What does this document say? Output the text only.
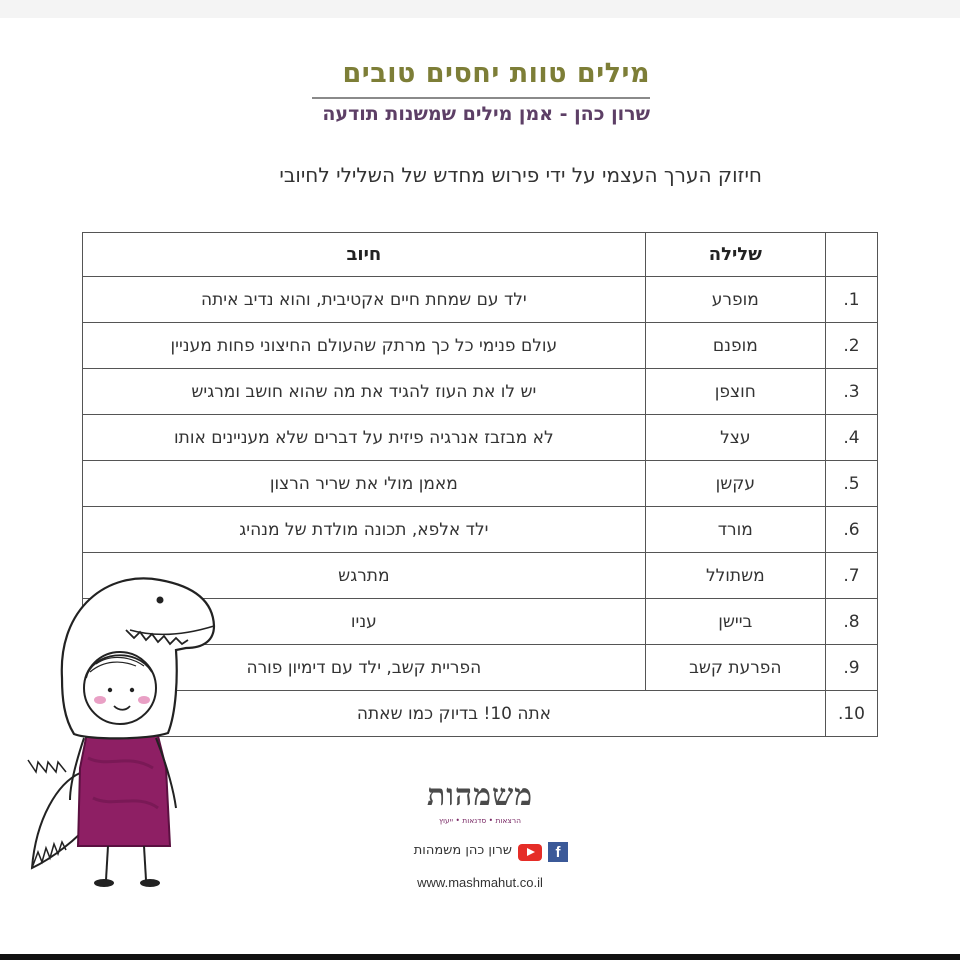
מילים טוות יחסים טובים
שרון כהן - אמן מילים שמשנות תודעה
חיזוק הערך העצמי על ידי פירוש מחדש של השלילי לחיובי
חיוב	שלילה	
ילד עם שמחת חיים אקטיבית, והוא נדיב איתה	מופרע	1.
עולם פנימי כל כך מרתק שהעולם החיצוני פחות מעניין	מופנם	2.
יש לו את העוז להגיד את מה שהוא חושב ומרגיש	חוצפן	3.
לא מבזבז אנרגיה פיזית על דברים שלא מעניינים אותו	עצל	4.
מאמן מולי את שריר הרצון	עקשן	5.
ילד אלפא, תכונה מולדת של מנהיג	מורד	6.
מתרגש	משתולל	7.
עניו	ביישן	8.
הפריית קשב, ילד עם דימיון פורה	הפרעת קשב	9.
אתה 10! בדיוק כמו שאתה		10.
משמהות
הרצאות • סדנאות • ייעוץ
f
שרון כהן משמהות
www.mashmahut.co.il
